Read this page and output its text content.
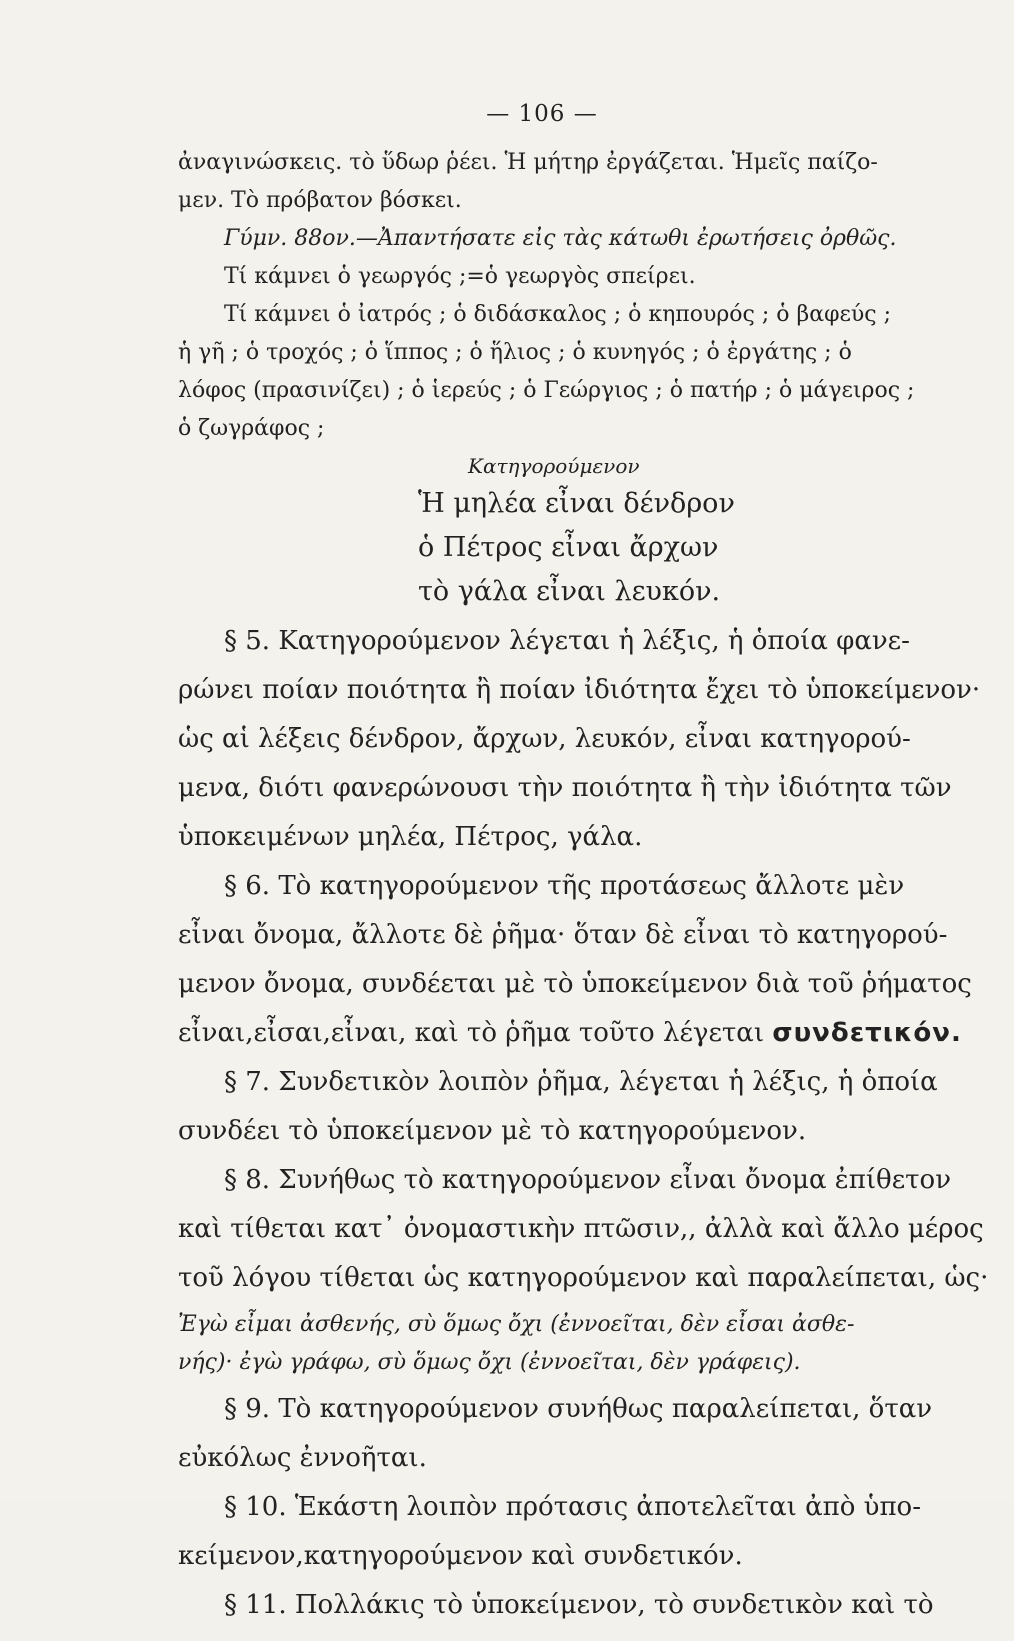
— 106 —
ἀναγινώσκεις. τὸ ὕδωρ ῥέει. Ἡ μήτηρ ἐργάζεται. Ἡμεῖς παίζο-
μεν. Τὸ πρόβατον βόσκει.
Γύμν. 88ον.—Ἀπαντήσατε εἰς τὰς κάτωθι ἐρωτήσεις ὀρθῶς.
Τί κάμνει ὁ γεωργός ;=ὁ γεωργὸς σπείρει.
Τί κάμνει ὁ ἰατρός ; ὁ διδάσκαλος ; ὁ κηπουρός ; ὁ βαφεύς ;
ἡ γῆ ; ὁ τροχός ; ὁ ἵππος ; ὁ ἥλιος ; ὁ κυνηγός ; ὁ ἐργάτης ; ὁ
λόφος (πρασινίζει) ; ὁ ἱερεύς ; ὁ Γεώργιος ; ὁ πατήρ ; ὁ μάγειρος ;
ὁ ζωγράφος ;
Κατηγορούμενον
Ἡ μηλέα εἶναι δένδρον
ὁ Πέτρος εἶναι ἄρχων
τὸ γάλα εἶναι λευκόν.
§ 5. Κατηγορούμενον λέγεται ἡ λέξις, ἡ ὁποία φανε-
ρώνει ποίαν ποιότητα ἢ ποίαν ἰδιότητα ἔχει τὸ ὑποκείμενον·
ὡς αἱ λέξεις δένδρον, ἄρχων, λευκόν, εἶναι κατηγορού-
μενα, διότι φανερώνουσι τὴν ποιότητα ἢ τὴν ἰδιότητα τῶν
ὑποκειμένων μηλέα, Πέτρος, γάλα.
§ 6. Τὸ κατηγορούμενον τῆς προτάσεως ἄλλοτε μὲν
εἶναι ὄνομα, ἄλλοτε δὲ ῥῆμα· ὅταν δὲ εἶναι τὸ κατηγορού-
μενον ὄνομα, συνδέεται μὲ τὸ ὑποκείμενον διὰ τοῦ ῥήματος
εἶναι,εἶσαι,εἶναι, καὶ τὸ ῥῆμα τοῦτο λέγεται συνδετικόν.
§ 7. Συνδετικὸν λοιπὸν ῥῆμα, λέγεται ἡ λέξις, ἡ ὁποία
συνδέει τὸ ὑποκείμενον μὲ τὸ κατηγορούμενον.
§ 8. Συνήθως τὸ κατηγορούμενον εἶναι ὄνομα ἐπίθετον
καὶ τίθεται κατ᾽ ὀνομαστικὴν πτῶσιν,, ἀλλὰ καὶ ἄλλο μέρος
τοῦ λόγου τίθεται ὡς κατηγορούμενον καὶ παραλείπεται, ὡς·
Ἐγὼ εἶμαι ἀσθενής, σὺ ὅμως ὄχι (ἐννοεῖται, δὲν εἶσαι ἀσθε-
νής)· ἐγὼ γράφω, σὺ ὅμως ὄχι (ἐννοεῖται, δὲν γράφεις).
§ 9. Τὸ κατηγορούμενον συνήθως παραλείπεται, ὅταν
εὐκόλως ἐννοῆται.
§ 10. Ἑκάστη λοιπὸν πρότασις ἀποτελεῖται ἀπὸ ὑπο-
κείμενον,κατηγορούμενον καὶ συνδετικόν.
§ 11. Πολλάκις τὸ ὑποκείμενον, τὸ συνδετικὸν καὶ τὸ
